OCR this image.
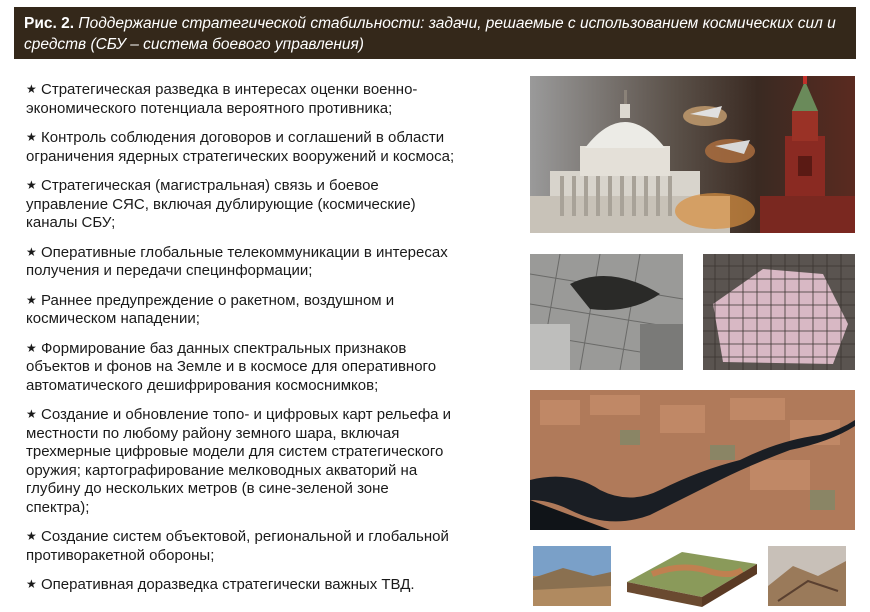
Рис. 2. Поддержание стратегической стабильности: задачи, решаемые с использованием космических сил и средств (СБУ – система боевого управления)
★ Стратегическая разведка в интересах оценки военно-экономического потенциала вероятного противника;
★ Контроль соблюдения договоров и соглашений в области ограничения ядерных стратегических вооружений и космоса;
★ Стратегическая (магистральная) связь и боевое управление СЯС, включая дублирующие (космические) каналы СБУ;
★ Оперативные глобальные телекоммуникации в интересах получения и передачи специнформации;
★ Раннее предупреждение о ракетном, воздушном и космическом нападении;
★ Формирование баз данных спектральных признаков объектов и фонов на Земле и в космосе для оперативного автоматического дешифрирования космоснимков;
★ Создание и обновление топо- и цифровых карт рельефа и местности по любому району земного шара, включая трехмерные цифровые модели для систем стратегического оружия; картографирование мелководных акваторий на глубину до нескольких метров (в сине-зеленой зоне спектра);
★ Создание систем объектовой, региональной и глобальной противоракетной обороны;
★ Оперативная доразведка стратегически важных ТВД.
